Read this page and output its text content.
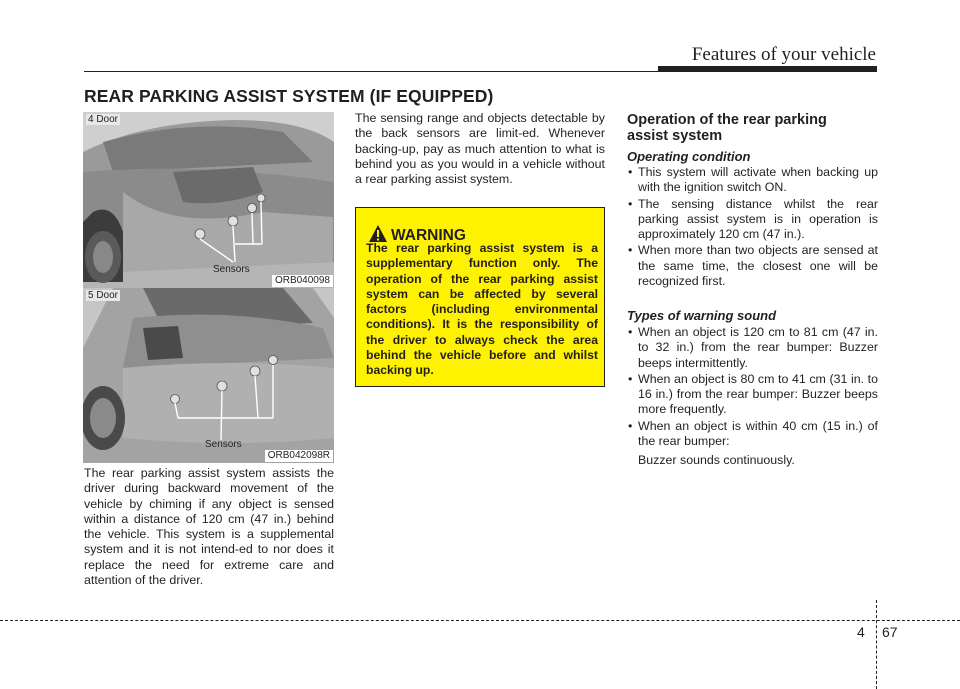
Features of your vehicle
REAR PARKING ASSIST SYSTEM (IF EQUIPPED)
4 Door
Sensors
ORB040098
5 Door
Sensors
ORB042098R
The rear parking assist system assists the driver during backward movement of the vehicle by chiming if any object is sensed within a distance of 120 cm (47 in.) behind the vehicle. This system is a supplemental system and it is not intend-ed to nor does it replace the need for extreme care and attention of the driver.
The sensing range and objects detectable by the back sensors are limit-ed. Whenever backing-up, pay as much attention to what is behind you as you would in a vehicle without a rear parking assist system.
WARNING
The rear parking assist system is a supplementary function only. The operation of the rear parking assist system can be affected by several factors (including environmental conditions). It is the responsibility of the driver to always check the area behind the vehicle before and whilst backing up.
Operation of the rear parking assist system
Operating condition
• This system will activate when backing up with the ignition switch ON.
• The sensing distance whilst the rear parking assist system is in operation is approximately 120 cm (47 in.).
• When more than two objects are sensed at the same time, the closest one will be recognized first.
Types of warning sound
• When an object is 120 cm to 81 cm (47 in. to 32 in.) from the rear bumper: Buzzer beeps intermittently.
• When an object is 80 cm to 41 cm (31 in. to 16 in.) from the rear bumper: Buzzer beeps more frequently.
• When an object is within 40 cm (15 in.) of the rear bumper:
Buzzer sounds continuously.
4 67
